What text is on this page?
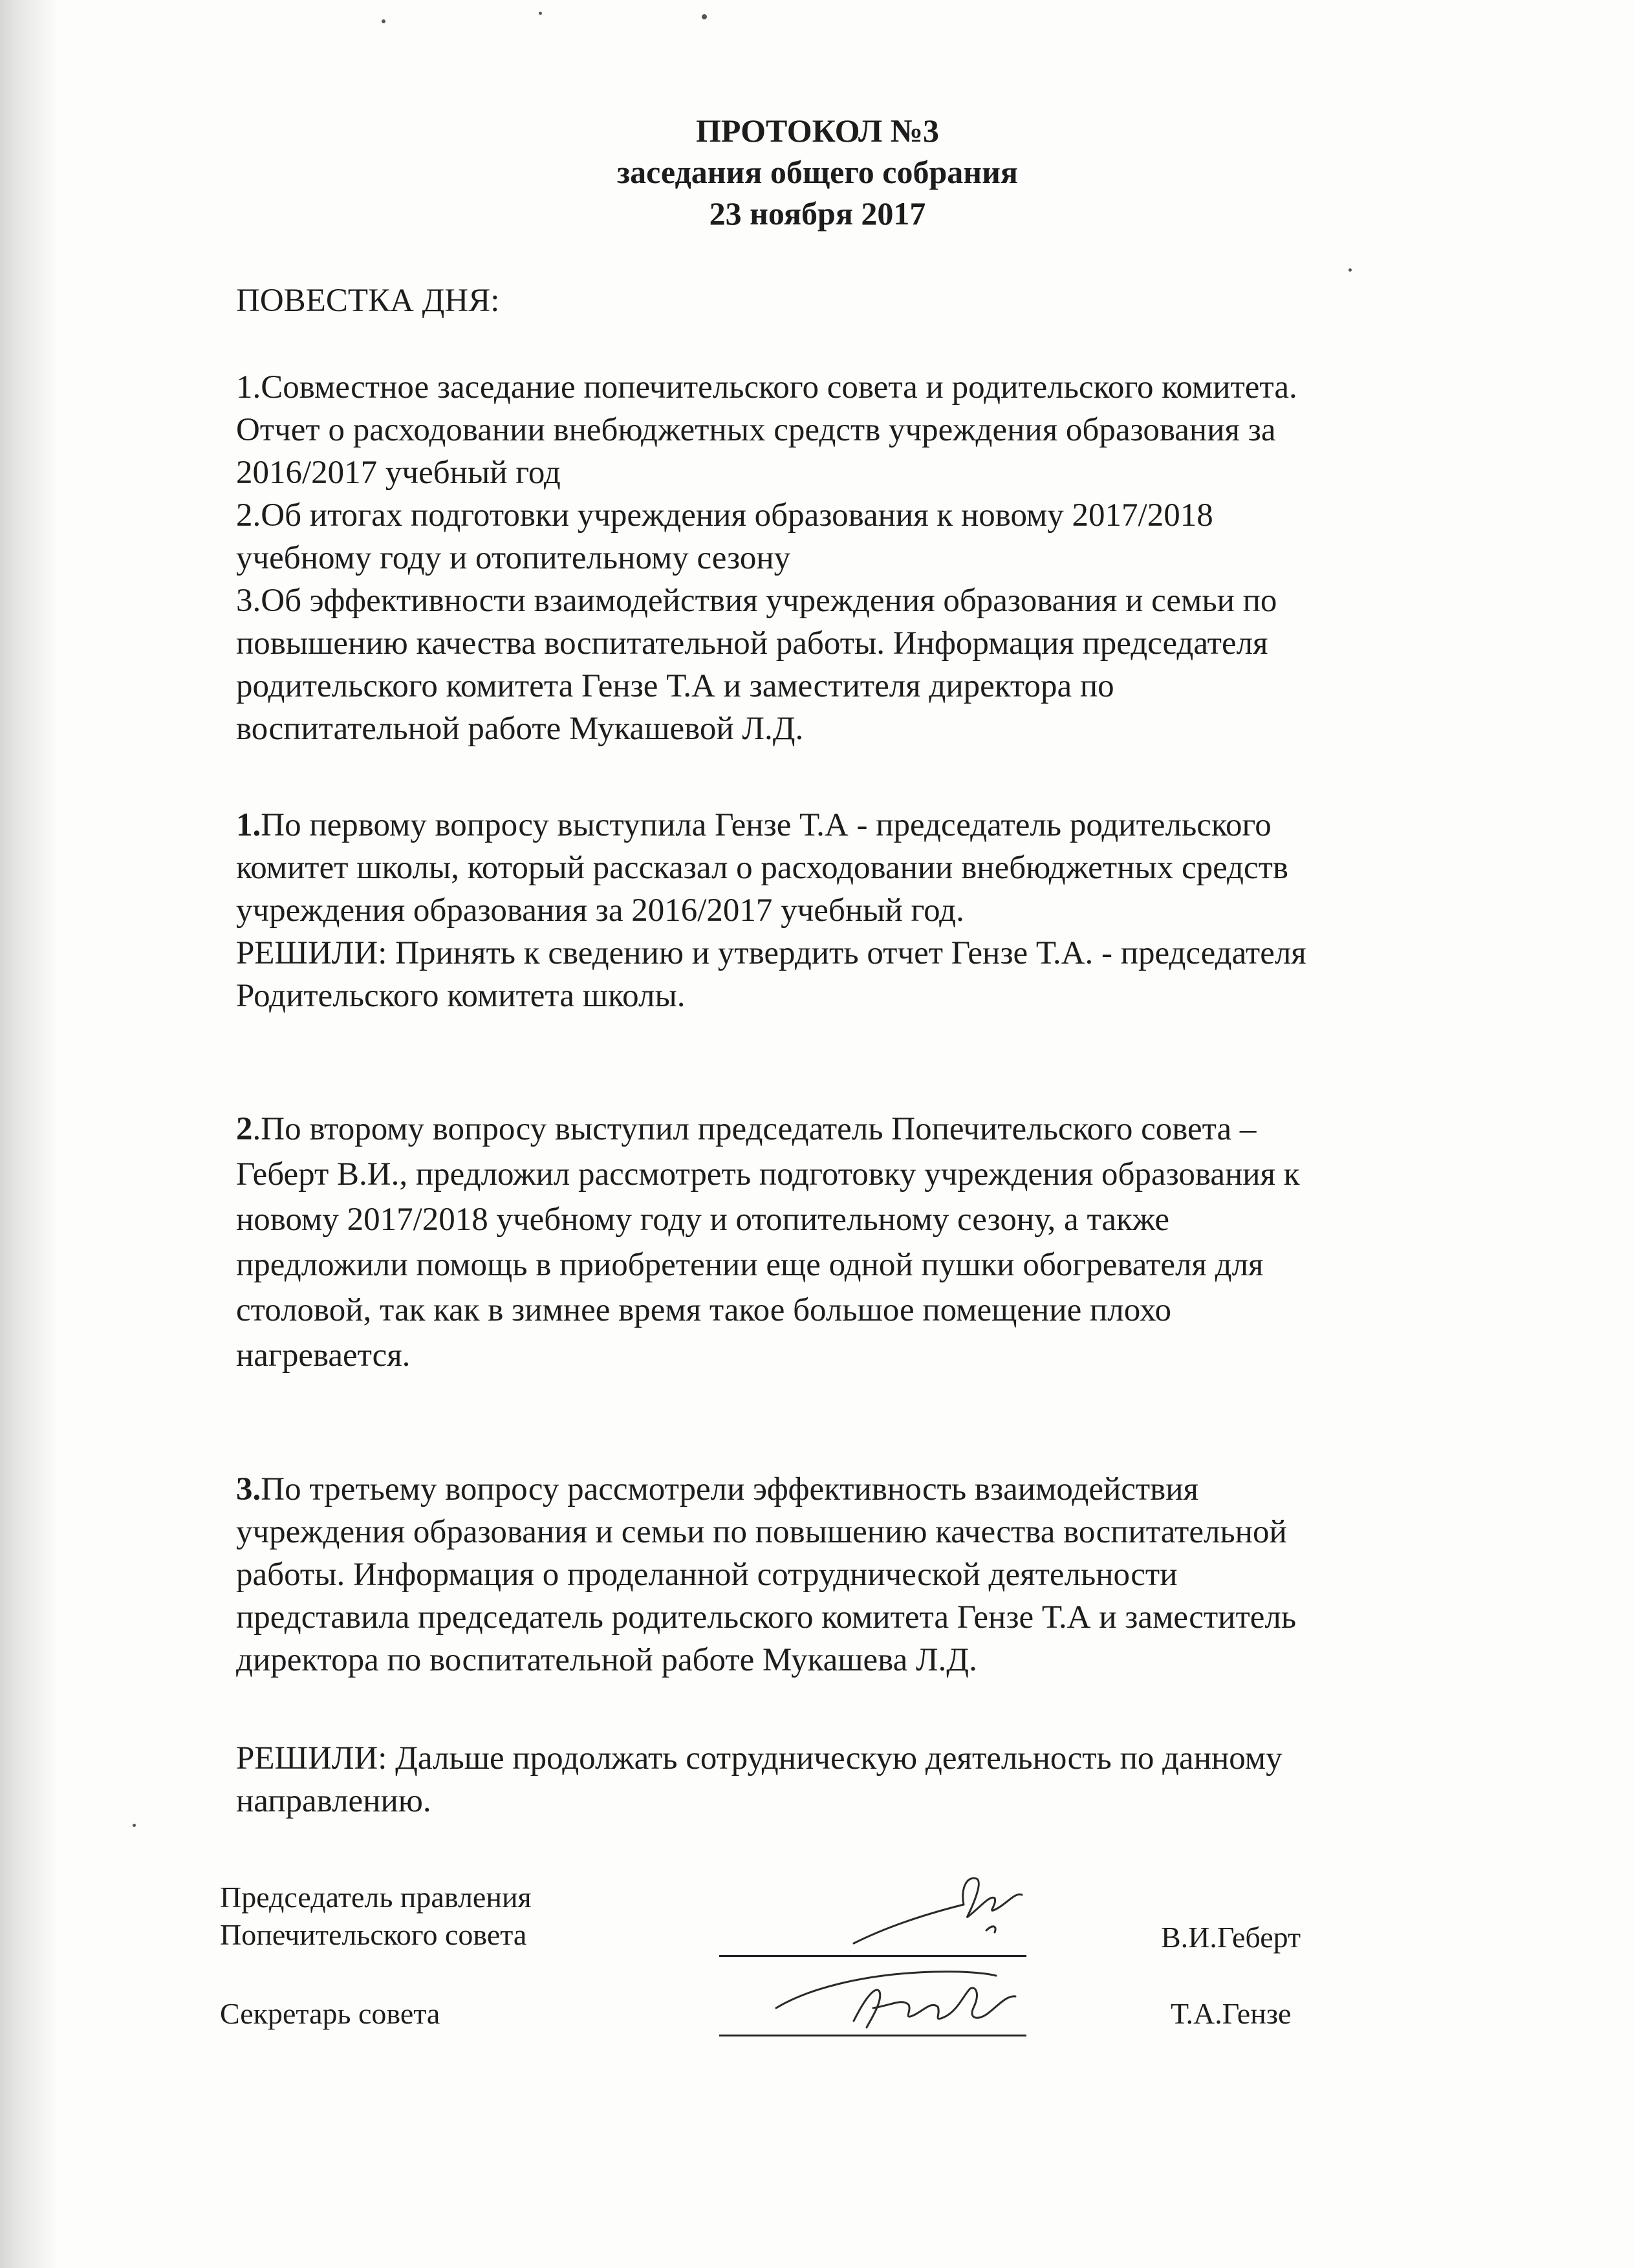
ПРОТОКОЛ №3
заседания общего собрания
23 ноября 2017
ПОВЕСТКА ДНЯ:

1.Совместное заседание попечительского совета и родительского комитета.

Отчет о расходовании внебюджетных средств учреждения образования за

2016/2017 учебный год

2.Об итогах подготовки учреждения образования к новому 2017/2018

учебному году и отопительному сезону

3.Об эффективности взаимодействия учреждения образования и семьи по

повышению качества воспитательной работы. Информация председателя

родительского комитета Гензе Т.А и заместителя директора по

воспитательной работе Мукашевой Л.Д.

1.По первому вопросу выступила Гензе Т.А - председатель родительского

комитет школы, который рассказал о расходовании внебюджетных средств

учреждения образования за 2016/2017 учебный год.

РЕШИЛИ: Принять к сведению и утвердить отчет Гензе Т.А. - председателя

Родительского комитета школы.

2.По второму вопросу выступил председатель Попечительского совета –

Геберт В.И., предложил рассмотреть подготовку учреждения образования к

новому 2017/2018 учебному году и отопительному сезону, а также

предложили помощь в приобретении еще одной пушки обогревателя для

столовой, так как в зимнее время такое большое помещение плохо

нагревается.

3.По третьему вопросу рассмотрели эффективность взаимодействия

учреждения образования и семьи по повышению качества воспитательной

работы. Информация о проделанной сотруднической деятельности

представила председатель родительского комитета Гензе Т.А и заместитель

директора по воспитательной работе Мукашева Л.Д.

РЕШИЛИ: Дальше продолжать сотрудническую деятельность по данному

направлению.

Председатель правления
Попечительского совета	В.И.Геберт
Секретарь совета	Т.А.Гензе
